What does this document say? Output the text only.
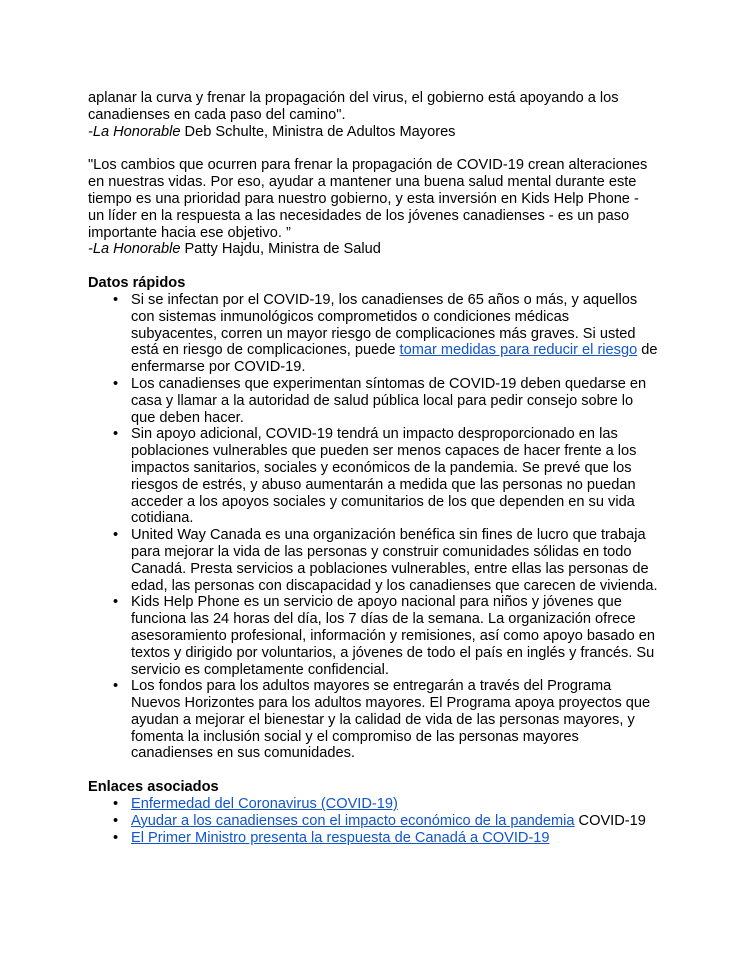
aplanar la curva y frenar la propagación del virus, el gobierno está apoyando a los canadienses en cada paso del camino".

-La Honorable Deb Schulte, Ministra de Adultos Mayores

"Los cambios que ocurren para frenar la propagación de COVID-19 crean alteraciones en nuestras vidas. Por eso, ayudar a mantener una buena salud mental durante este tiempo es una prioridad para nuestro gobierno, y esta inversión en Kids Help Phone - un líder en la respuesta a las necesidades de los jóvenes canadienses - es un paso importante hacia ese objetivo. ”

-La Honorable Patty Hajdu, Ministra de Salud

Datos rápidos

• Si se infectan por el COVID-19, los canadienses de 65 años o más, y aquellos con sistemas inmunológicos comprometidos o condiciones médicas subyacentes, corren un mayor riesgo de complicaciones más graves. Si usted está en riesgo de complicaciones, puede tomar medidas para reducir el riesgo de enfermarse por COVID-19.
• Los canadienses que experimentan síntomas de COVID-19 deben quedarse en casa y llamar a la autoridad de salud pública local para pedir consejo sobre lo que deben hacer.
• Sin apoyo adicional, COVID-19 tendrá un impacto desproporcionado en las poblaciones vulnerables que pueden ser menos capaces de hacer frente a los impactos sanitarios, sociales y económicos de la pandemia. Se prevé que los riesgos de estrés, y abuso aumentarán a medida que las personas no puedan acceder a los apoyos sociales y comunitarios de los que dependen en su vida cotidiana.
• United Way Canada es una organización benéfica sin fines de lucro que trabaja para mejorar la vida de las personas y construir comunidades sólidas en todo Canadá. Presta servicios a poblaciones vulnerables, entre ellas las personas de edad, las personas con discapacidad y los canadienses que carecen de vivienda.
• Kids Help Phone es un servicio de apoyo nacional para niños y jóvenes que funciona las 24 horas del día, los 7 días de la semana. La organización ofrece asesoramiento profesional, información y remisiones, así como apoyo basado en textos y dirigido por voluntarios, a jóvenes de todo el país en inglés y francés. Su servicio es completamente confidencial.
• Los fondos para los adultos mayores se entregarán a través del Programa Nuevos Horizontes para los adultos mayores. El Programa apoya proyectos que ayudan a mejorar el bienestar y la calidad de vida de las personas mayores, y fomenta la inclusión social y el compromiso de las personas mayores canadienses en sus comunidades.

Enlaces asociados

• Enfermedad del Coronavirus (COVID-19)
• Ayudar a los canadienses con el impacto económico de la pandemia COVID-19
• El Primer Ministro presenta la respuesta de Canadá a COVID-19
